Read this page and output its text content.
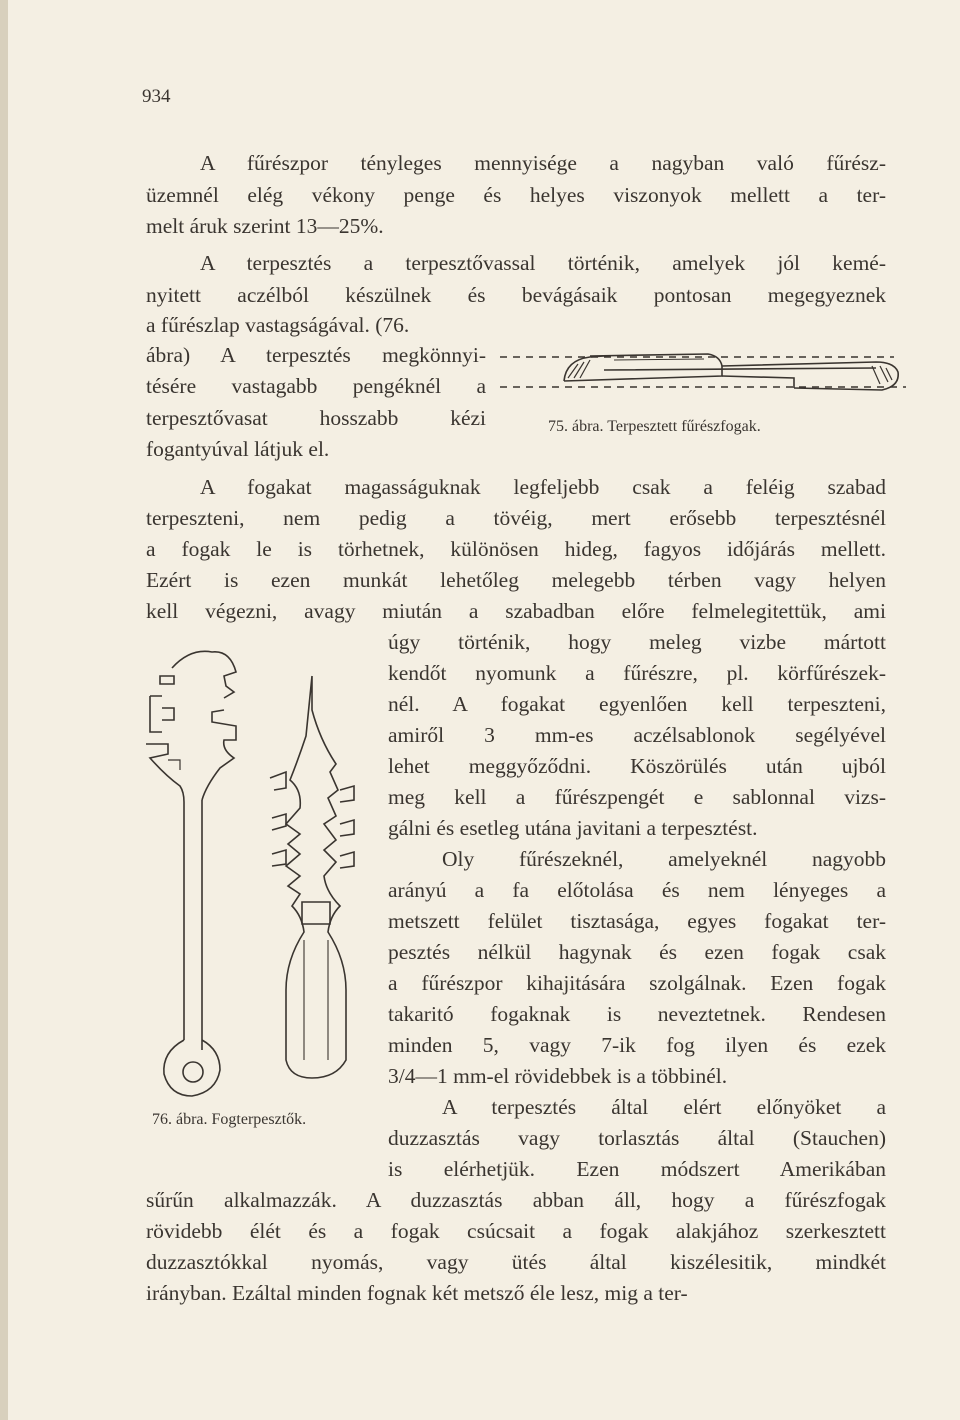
934
A fűrészpor tényleges mennyisége a nagyban való fűrész-
üzemnél elég vékony penge és helyes viszonyok mellett a ter-
melt áruk szerint 13—25%.
A terpesztés a terpesztővassal történik, amelyek jól kemé-
nyitett aczélból készülnek és bevágásaik pontosan megegyeznek
a fűrészlap vastagságával. (76.
ábra) A terpesztés megkönnyi-
tésére vastagabb pengéknél a
terpesztővasat hosszabb kézi
fogantyúval látjuk el.
75. ábra. Terpesztett fűrészfogak.
A fogakat magasságuknak legfeljebb csak a feléig szabad
terpeszteni, nem pedig a tövéig, mert erősebb terpesztésnél
a fogak le is törhetnek, különösen hideg, fagyos időjárás mellett.
Ezért is ezen munkát lehetőleg melegebb térben vagy helyen
kell végezni, avagy miután a szabadban előre felmelegitettük, ami
úgy történik, hogy meleg vizbe mártott
kendőt nyomunk a fűrészre, pl. körfűrészek-
nél. A fogakat egyenlően kell terpeszteni,
amiről 3 mm-es aczélsablonok segélyével
lehet meggyőződni. Köszörülés után ujból
meg kell a fűrészpengét e sablonnal vizs-
gálni és esetleg utána javitani a terpesztést.
Oly fűrészeknél, amelyeknél nagyobb
arányú a fa előtolása és nem lényeges a
metszett felület tisztasága, egyes fogakat ter-
pesztés nélkül hagynak és ezen fogak csak
a fűrészpor kihajitására szolgálnak. Ezen fogak
takaritó fogaknak is neveztetnek. Rendesen
minden 5, vagy 7-ik fog ilyen és ezek
3/4—1 mm-el rövidebbek is a többinél.
A terpesztés által elért előnyöket a
duzzasztás vagy torlasztás által (Stauchen)
is elérhetjük. Ezen módszert Amerikában
sűrűn alkalmazzák. A duzzasztás abban áll, hogy a fűrészfogak
rövidebb élét és a fogak csúcsait a fogak alakjához szerkesztett
duzzasztókkal nyomás, vagy ütés által kiszélesitik, mindkét
irányban. Ezáltal minden fognak két metsző éle lesz, mig a ter-
76. ábra. Fogterpesztők.
